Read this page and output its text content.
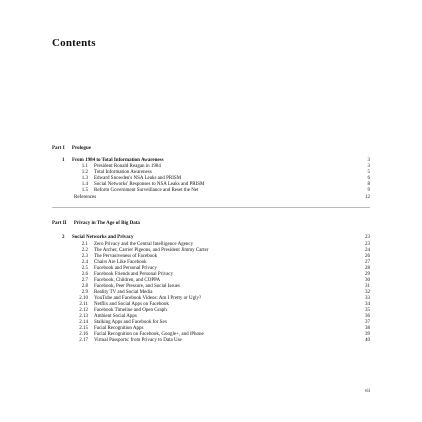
Contents
Part I Prologue
1 From 1984 to Total Information Awareness	3
1.1 President Ronald Reagan in 1984	3
1.2 Total Information Awareness	5
1.3 Edward Snowden's NSA Leaks and PRISM	6
1.4 Social Networks' Responses to NSA Leaks and PRISM	8
1.5 Reform Government Surveillance and Reset the Net	9
References	12
Part II Privacy in The Age of Big Data
2 Social Networks and Privacy	23
2.1 Zero Privacy and the Central Intelligence Agency	23
2.2 The Archer, Carrier Pigeons, and President Jimmy Carter	24
2.3 The Pervasiveness of Facebook	26
2.4 Chairs Are Like Facebook	27
2.5 Facebook and Personal Privacy	28
2.6 Facebook Friends and Personal Privacy	29
2.7 Facebook, Children, and COPPA	30
2.8 Facebook, Peer Pressure, and Social Issues	31
2.9 Reality TV and Social Media	32
2.10 YouTube and Facebook Videos: Am I Pretty or Ugly?	33
2.11 Netflix and Social Apps on Facebook	34
2.12 Facebook Timeline and Open Graph	35
2.13 Ambient Social Apps	36
2.14 Stalking Apps and Facebook for Sex	37
2.15 Facial Recognition Apps	38
2.16 Facial Recognition on Facebook, Google+, and iPhone	39
2.17 Virtual Passports: from Privacy to Data Use	40
vii
